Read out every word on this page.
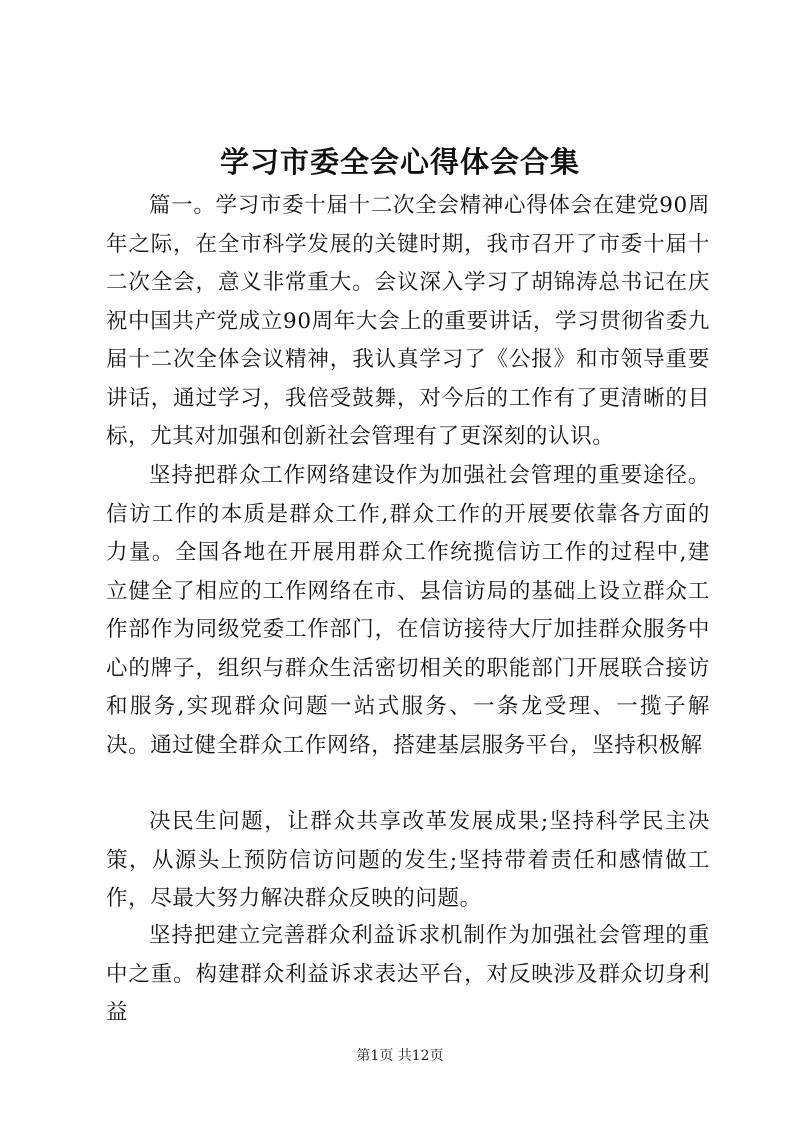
学习市委全会心得体会合集

篇一。学习市委十届十二次全会精神心得体会在建党90周年之际，在全市科学发展的关键时期，我市召开了市委十届十二次全会，意义非常重大。会议深入学习了胡锦涛总书记在庆祝中国共产党成立90周年大会上的重要讲话，学习贯彻省委九届十二次全体会议精神，我认真学习了《公报》和市领导重要讲话，通过学习，我倍受鼓舞，对今后的工作有了更清晰的目标，尤其对加强和创新社会管理有了更深刻的认识。

坚持把群众工作网络建设作为加强社会管理的重要途径。信访工作的本质是群众工作,群众工作的开展要依靠各方面的力量。全国各地在开展用群众工作统揽信访工作的过程中,建立健全了相应的工作网络在市、县信访局的基础上设立群众工作部作为同级党委工作部门，在信访接待大厅加挂群众服务中心的牌子，组织与群众生活密切相关的职能部门开展联合接访和服务,实现群众问题一站式服务、一条龙受理、一揽子解决。通过健全群众工作网络，搭建基层服务平台，坚持积极解

决民生问题，让群众共享改革发展成果;坚持科学民主决策，从源头上预防信访问题的发生;坚持带着责任和感情做工作，尽最大努力解决群众反映的问题。

坚持把建立完善群众利益诉求机制作为加强社会管理的重中之重。构建群众利益诉求表达平台，对反映涉及群众切身利益

第1页 共12页
